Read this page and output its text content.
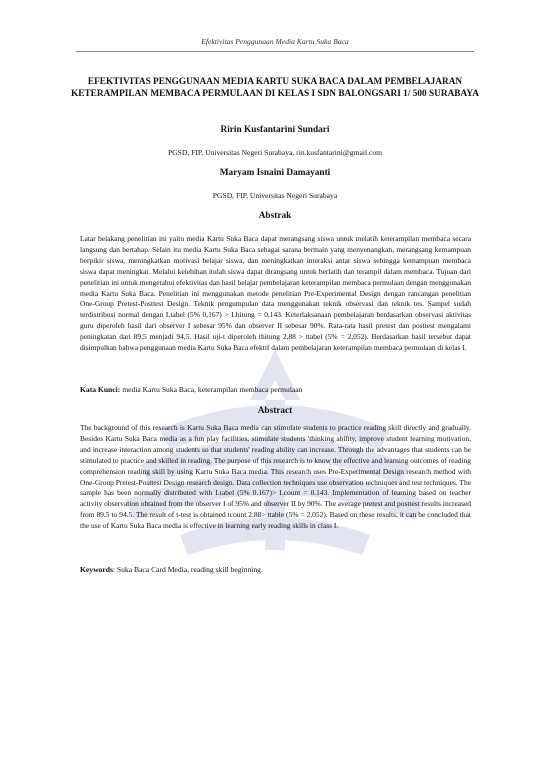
Efektivitas Penggunaan Media Kartu Suka Baca
EFEKTIVITAS PENGGUNAAN MEDIA KARTU SUKA BACA DALAM PEMBELAJARAN KETERAMPILAN MEMBACA PERMULAAN DI KELAS I SDN BALONGSARI 1/ 500 SURABAYA
Ririn Kusfantarini Sundari
PGSD, FIP, Universitas Negeri Surabaya, rin.kusfantarini@gmail.com
Maryam Isnaini Damayanti
PGSD, FIP, Universitas Negeri Surabaya
Abstrak

Latar belakang penelitian ini yaitu media Kartu Suka Baca dapat merangsang siswa untuk melatih keterampilan membaca secara langsung dan bertahap. Selain itu media Kartu Suka Baca sebagai sarana bermain yang menyenangkan, merangsang kemampuan berpikir siswa, meningkatkan motivasi belajar siswa, dan meningkatkan interaksi antar siswa sehingga kemampuan membaca siswa dapat meningkat. Melalui kelebihan itulah siswa dapat dirangsang untuk berlatih dan terampil dalam membaca. Tujuan dari penelitian ini untuk mengetahui efektivitas dan hasil belajar pembelajaran keterampilan membaca permulaan dengan menggunakan media Kartu Suka Baca. Penelitian ini menggunakan metode penelitian Pre-Experimental Design dengan rancangan penelitian One-Group Pretest-Posttest Design. Teknik pengumpulan data menggunakan teknik observasi dan teknik tes. Sampel sudah terdistribusi normal dengan Ltabel (5% 0,167) > Lhitung = 0,143. Keterlaksanaan pembelajaran berdasarkan observasi aktivitas guru diperoleh hasil dari observer I sebesar 95% dan observer II sebesar 90%. Rata-rata hasil pretest dan posttest mengalami peningkatan dari 89,5 menjadi 94,5. Hasil uji-t diperoleh thitung 2,88 > ttabel (5% = 2,052). Berdasarkan hasil tersebut dapat disimpulkan bahwa penggunaan media Kartu Suka Baca efektif dalam pembelajaran keterampilan membaca permulaan di kelas I.

Kata Kunci: media Kartu Suka Baca, keterampilan membaca permulaan
Abstract

The background of this research is Kartu Suka Baca media can stimulate students to practice reading skill directly and gradually. Besides Kartu Suka Baca media as a fun play facilities, stimulate students 'thinking ability, improve student learning motivation, and increase interaction among students so that students' reading ability can increase. Through the advantages that students can be stimulated to practice and skilled in reading. The purpose of this research is to know the effective and learning outcomes of reading comprehension reading skill by using Kartu Suka Baca media. This research uses Pre-Experimental Design research method with One-Group Pretest-Posttest Design research design. Data collection techniques use observation techniques and test techniques. The sample has been normally distributed with Ltabel (5% 0.167)> Lcount = 0.143. Implementation of learning based on teacher activity observation obtained from the observer I of 95% and observer II by 90%. The average pretest and posttest results increased from 89.5 to 94.5. The result of t-test is obtained tcount 2.88> ttable (5% = 2,052). Based on these results, it can be concluded that the use of Kartu Suka Baca media is effective in learning early reading skills in class I.

Keywords: Suka Baca Card Media, reading skill beginning.
